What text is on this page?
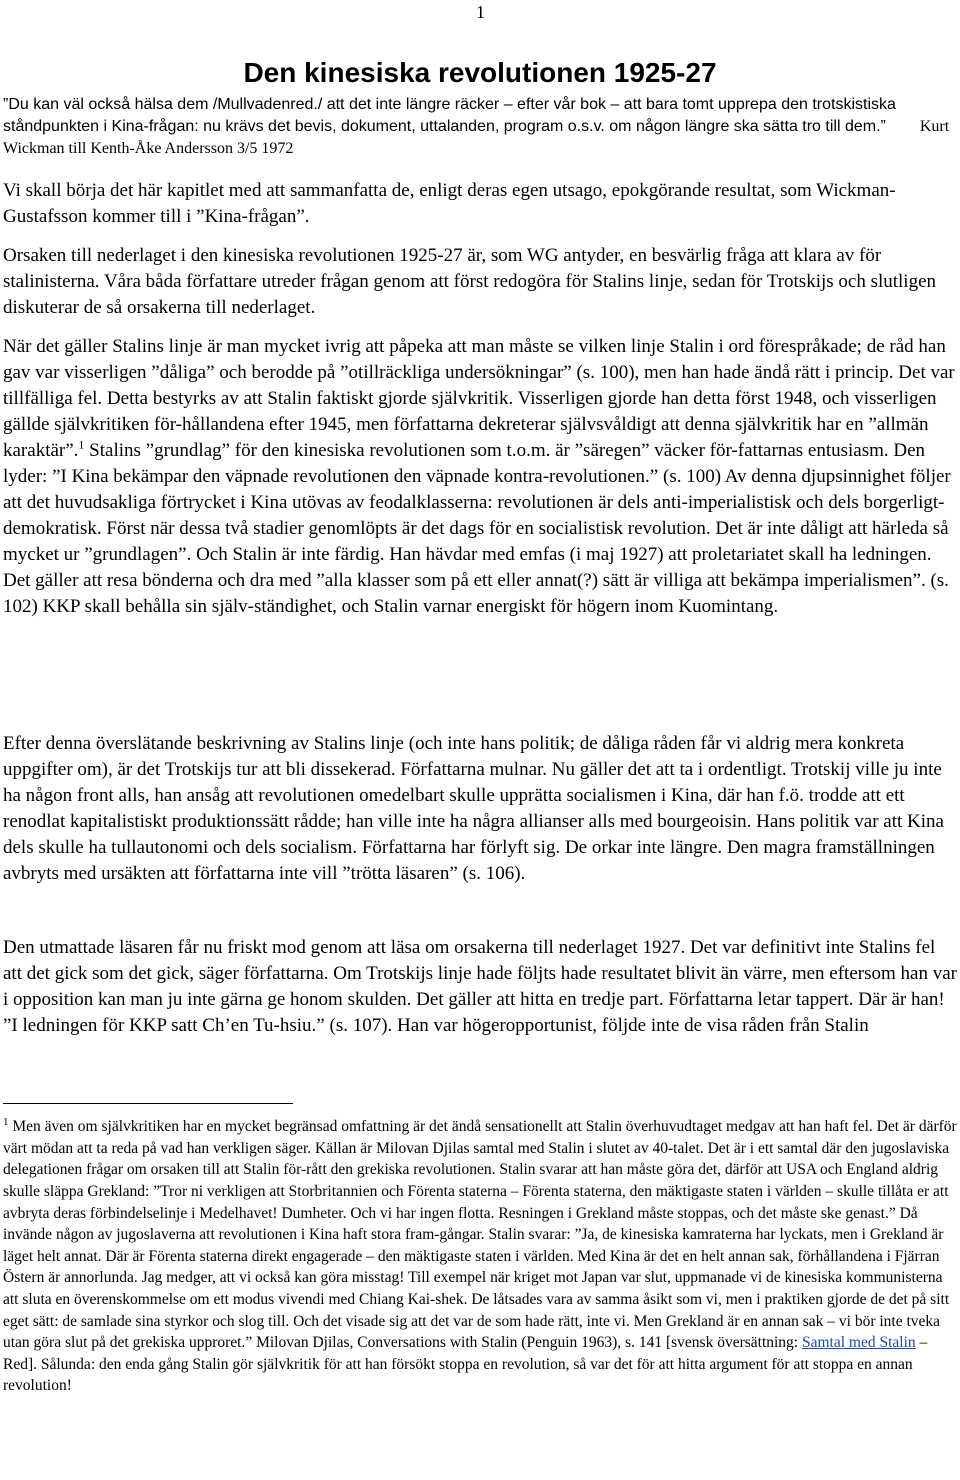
1
Den kinesiska revolutionen 1925-27

”Du kan väl också hälsa dem /Mullvadenred./ att det inte längre räcker – efter vår bok – att bara tomt upprepa den trotskistiska ståndpunkten i Kina-frågan: nu krävs det bevis, dokument, uttalanden, program o.s.v. om någon längre ska sätta tro till dem.” Kurt Wickman till Kenth-Åke Andersson 3/5 1972

Vi skall börja det här kapitlet med att sammanfatta de, enligt deras egen utsago, epokgörande resultat, som Wickman-Gustafsson kommer till i ”Kina-frågan”.

Orsaken till nederlaget i den kinesiska revolutionen 1925-27 är, som WG antyder, en besvärlig fråga att klara av för stalinisterna. Våra båda författare utreder frågan genom att först redogöra för Stalins linje, sedan för Trotskijs och slutligen diskuterar de så orsakerna till nederlaget.

När det gäller Stalins linje är man mycket ivrig att påpeka att man måste se vilken linje Stalin i ord förespråkade; de råd han gav var visserligen ”dåliga” och berodde på ”otillräckliga undersökningar” (s. 100), men han hade ändå rätt i princip. Det var tillfälliga fel. Detta bestyrks av att Stalin faktiskt gjorde självkritik. Visserligen gjorde han detta först 1948, och visserligen gällde självkritiken för-hållandena efter 1945, men författarna dekreterar självsvåldigt att denna självkritik har en ”allmän karaktär”.$^1$ Stalins ”grundlag” för den kinesiska revolutionen som t.o.m. är ”säregen” väcker för-fattarnas entusiasm. Den lyder: ”I Kina bekämpar den väpnade revolutionen den väpnade kontra-revolutionen.” (s. 100) Av denna djupsinnighet följer att det huvudsakliga förtrycket i Kina utövas av feodalklasserna: revolutionen är dels anti-imperialistisk och dels borgerligt-demokratisk. Först när dessa två stadier genomlöpts är det dags för en socialistisk revolution. Det är inte dåligt att härleda så mycket ur ”grundlagen”. Och Stalin är inte färdig. Han hävdar med emfas (i maj 1927) att proletariatet skall ha ledningen. Det gäller att resa bönderna och dra med ”alla klasser som på ett eller annat(?) sätt är villiga att bekämpa imperialismen”. (s. 102) KKP skall behålla sin själv-ständighet, och Stalin varnar energiskt för högern inom Kuomintang.

Efter denna överslätande beskrivning av Stalins linje (och inte hans politik; de dåliga råden får vi aldrig mera konkreta uppgifter om), är det Trotskijs tur att bli dissekerad. Författarna mulnar. Nu gäller det att ta i ordentligt. Trotskij ville ju inte ha någon front alls, han ansåg att revolutionen omedelbart skulle upprätta socialismen i Kina, där han f.ö. trodde att ett renodlat kapitalistiskt produktionssätt rådde; han ville inte ha några allianser alls med bourgeoisin. Hans politik var att Kina dels skulle ha tullautonomi och dels socialism. Författarna har förlyft sig. De orkar inte längre. Den magra framställningen avbryts med ursäkten att författarna inte vill ”trötta läsaren” (s. 106).

Den utmattade läsaren får nu friskt mod genom att läsa om orsakerna till nederlaget 1927. Det var definitivt inte Stalins fel att det gick som det gick, säger författarna. Om Trotskijs linje hade följts hade resultatet blivit än värre, men eftersom han var i opposition kan man ju inte gärna ge honom skulden. Det gäller att hitta en tredje part. Författarna letar tappert. Där är han! ”I ledningen för KKP satt Ch’en Tu-hsiu.” (s. 107). Han var högeropportunist, följde inte de visa råden från Stalin

$^1$ Men även om självkritiken har en mycket begränsad omfattning är det ändå sensationellt att Stalin överhuvudtaget medgav att han haft fel. Det är därför värt mödan att ta reda på vad han verkligen säger. Källan är Milovan Djilas samtal med Stalin i slutet av 40-talet. Det är i ett samtal där den jugoslaviska delegationen frågar om orsaken till att Stalin för-rått den grekiska revolutionen. Stalin svarar att han måste göra det, därför att USA och England aldrig skulle släppa Grekland: ”Tror ni verkligen att Storbritannien och Förenta staterna – Förenta staterna, den mäktigaste staten i världen – skulle tillåta er att avbryta deras förbindelselinje i Medelhavet! Dumheter. Och vi har ingen flotta. Resningen i Grekland måste stoppas, och det måste ske genast.” Då invände någon av jugoslaverna att revolutionen i Kina haft stora fram-gångar. Stalin svarar: ”Ja, de kinesiska kamraterna har lyckats, men i Grekland är läget helt annat. Där är Förenta staterna direkt engagerade – den mäktigaste staten i världen. Med Kina är det en helt annan sak, förhållandena i Fjärran Östern är annorlunda. Jag medger, att vi också kan göra misstag! Till exempel när kriget mot Japan var slut, uppmanade vi de kinesiska kommunisterna att sluta en överenskommelse om ett modus vivendi med Chiang Kai-shek. De låtsades vara av samma åsikt som vi, men i praktiken gjorde de det på sitt eget sätt: de samlade sina styrkor och slog till. Och det visade sig att det var de som hade rätt, inte vi. Men Grekland är en annan sak – vi bör inte tveka utan göra slut på det grekiska upproret.” Milovan Djilas, Conversations with Stalin (Penguin 1963), s. 141 [svensk översättning: Samtal med Stalin – Red]. Sålunda: den enda gång Stalin gör självkritik för att han försökt stoppa en revolution, så var det för att hitta argument för att stoppa en annan revolution!
